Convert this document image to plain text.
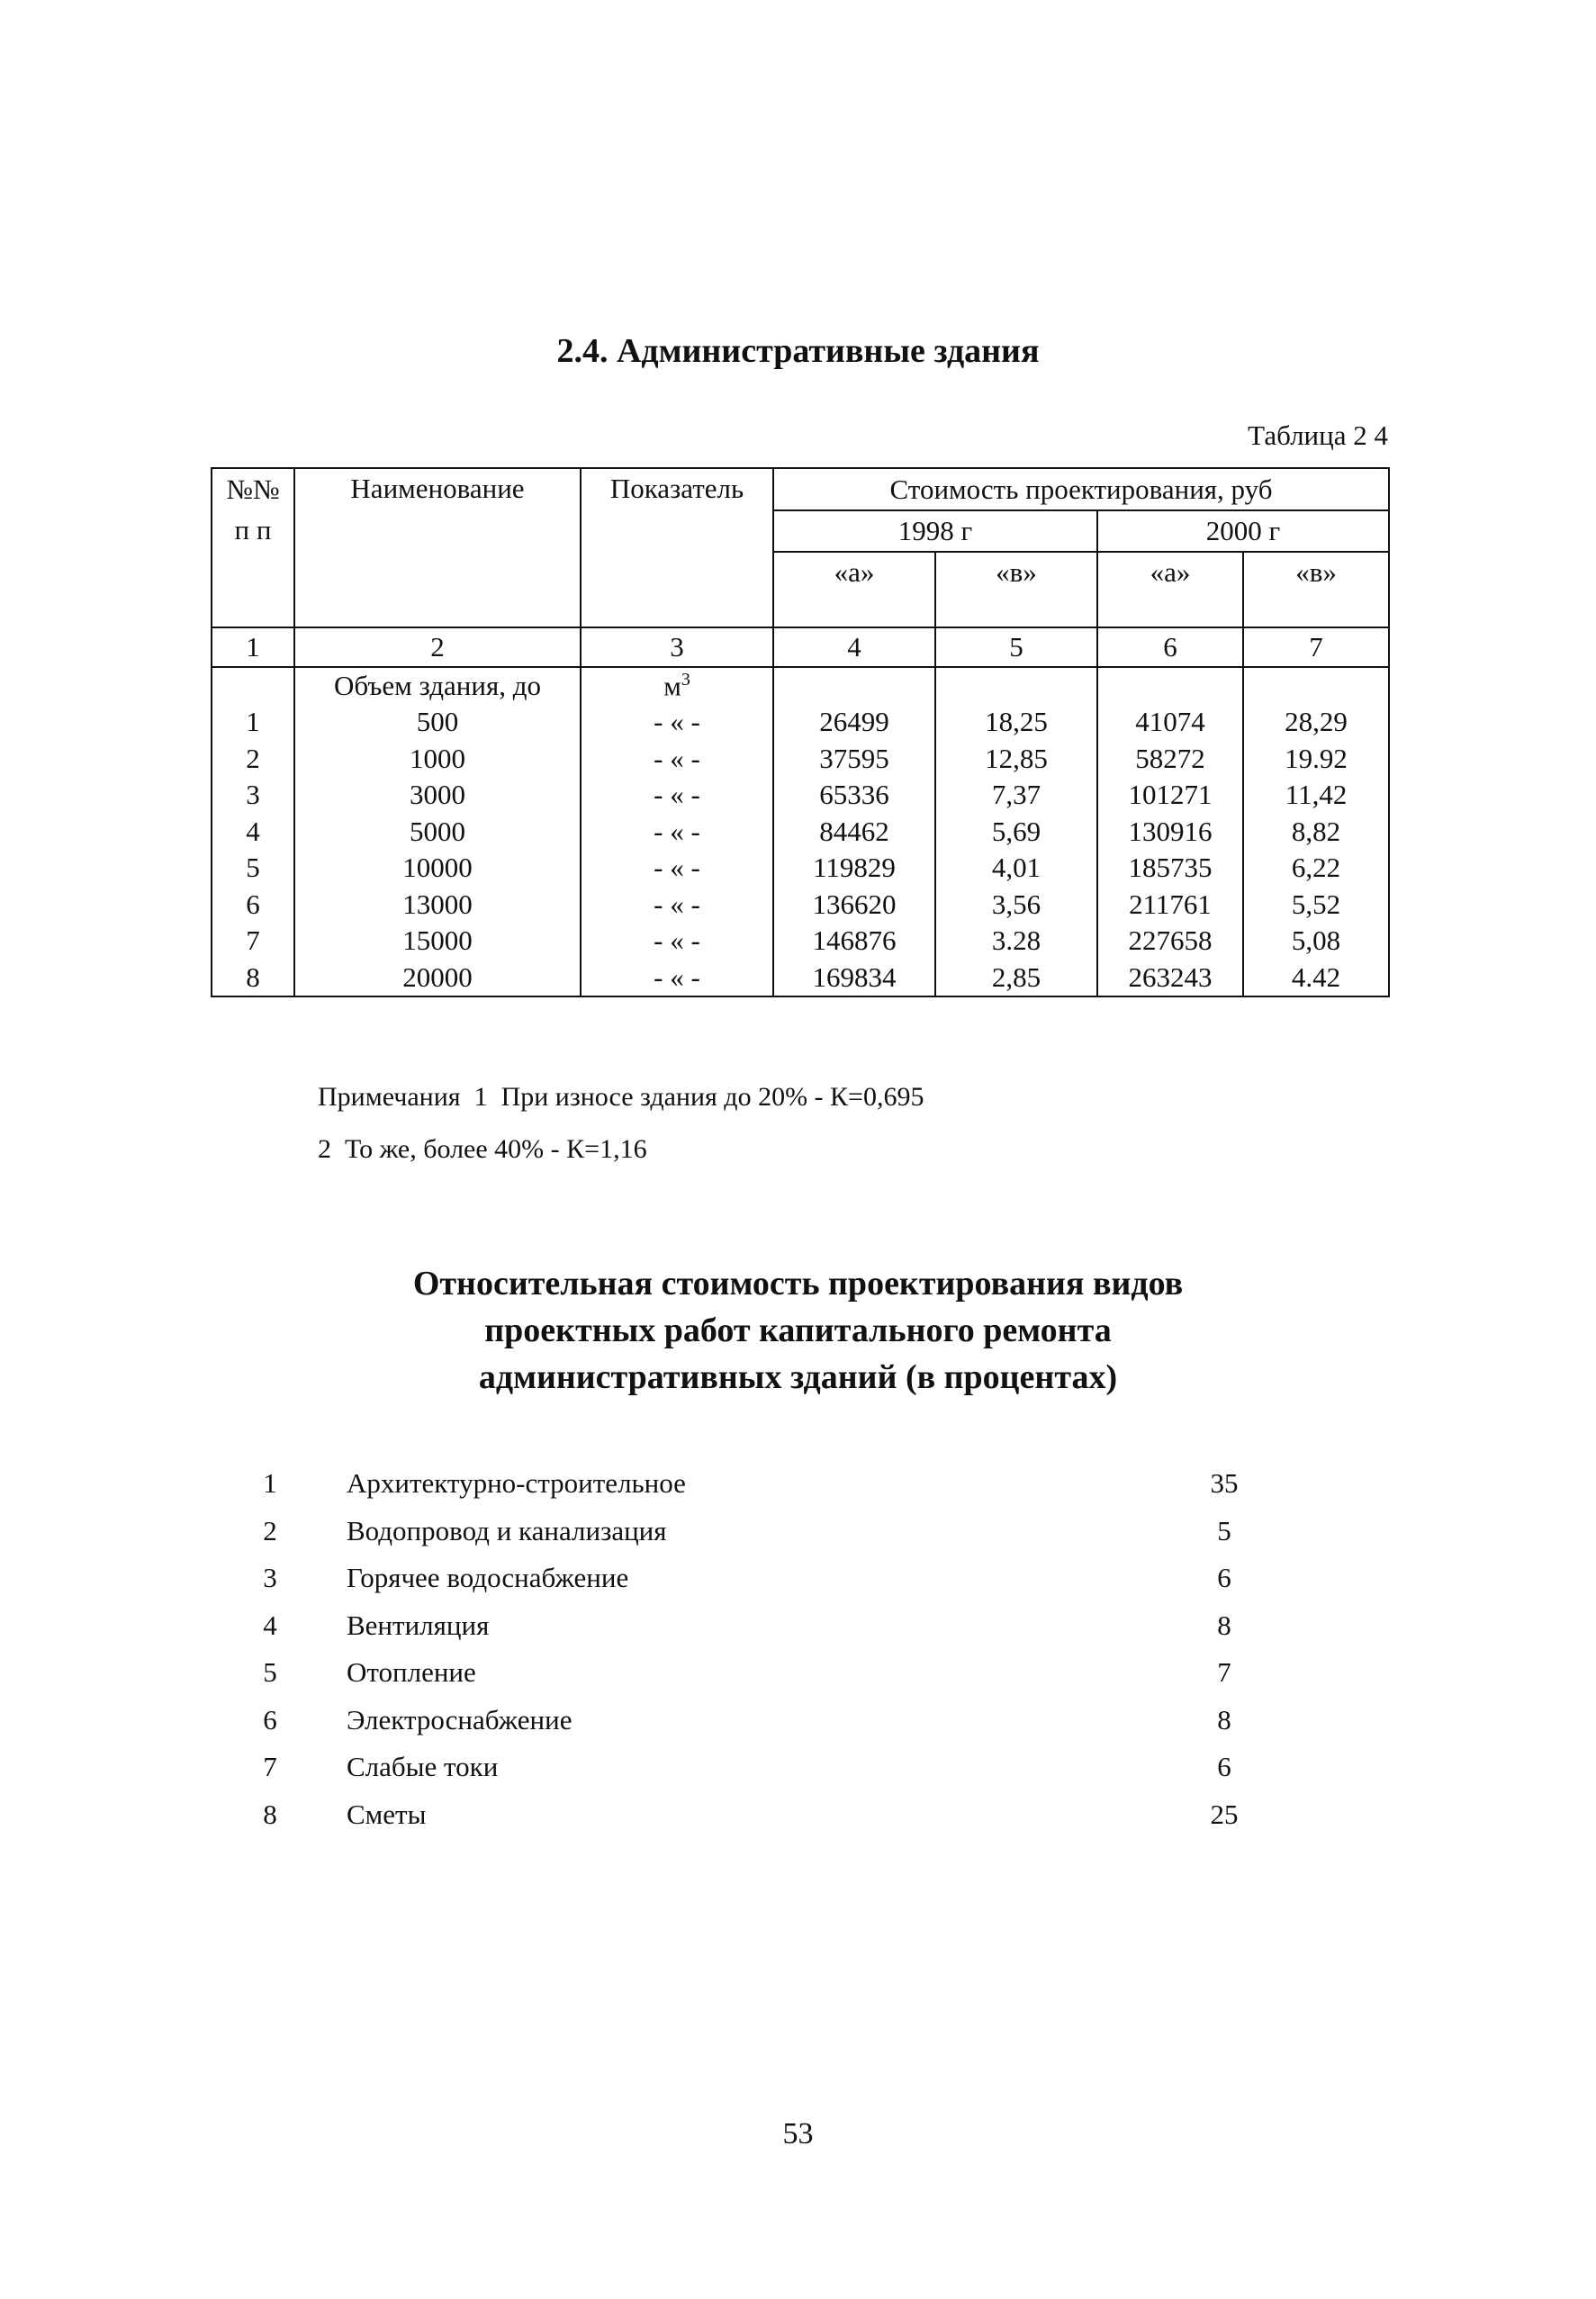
2.4. Административные здания
Таблица 2 4
№№	Наименование	Показатель	Стоимость проектирования, руб			
п п			1998 г		2000 г	
			«а»	«в»	«а»	«в»
1	2	3	4	5	6	7
	Объем здания, до	$м^3$				
1	500	- « -	26499	18,25	41074	28,29
2	1000	- « -	37595	12,85	58272	19.92
3	3000	- « -	65336	7,37	101271	11,42
4	5000	- « -	84462	5,69	130916	8,82
5	10000	- « -	119829	4,01	185735	6,22
6	13000	- « -	136620	3,56	211761	5,52
7	15000	- « -	146876	3.28	227658	5,08
8	20000	- « -	169834	2,85	263243	4.42
Примечания  1  При износе здания до 20% - К=0,695
2  То же, более 40% - К=1,16
Относительная стоимость проектирования видов
проектных работ капитального ремонта
административных зданий (в процентах)
1	Архитектурно-строительное	35
2	Водопровод и канализация	5
3	Горячее водоснабжение	6
4	Вентиляция	8
5	Отопление	7
6	Электроснабжение	8
7	Слабые токи	6
8	Сметы	25
53
